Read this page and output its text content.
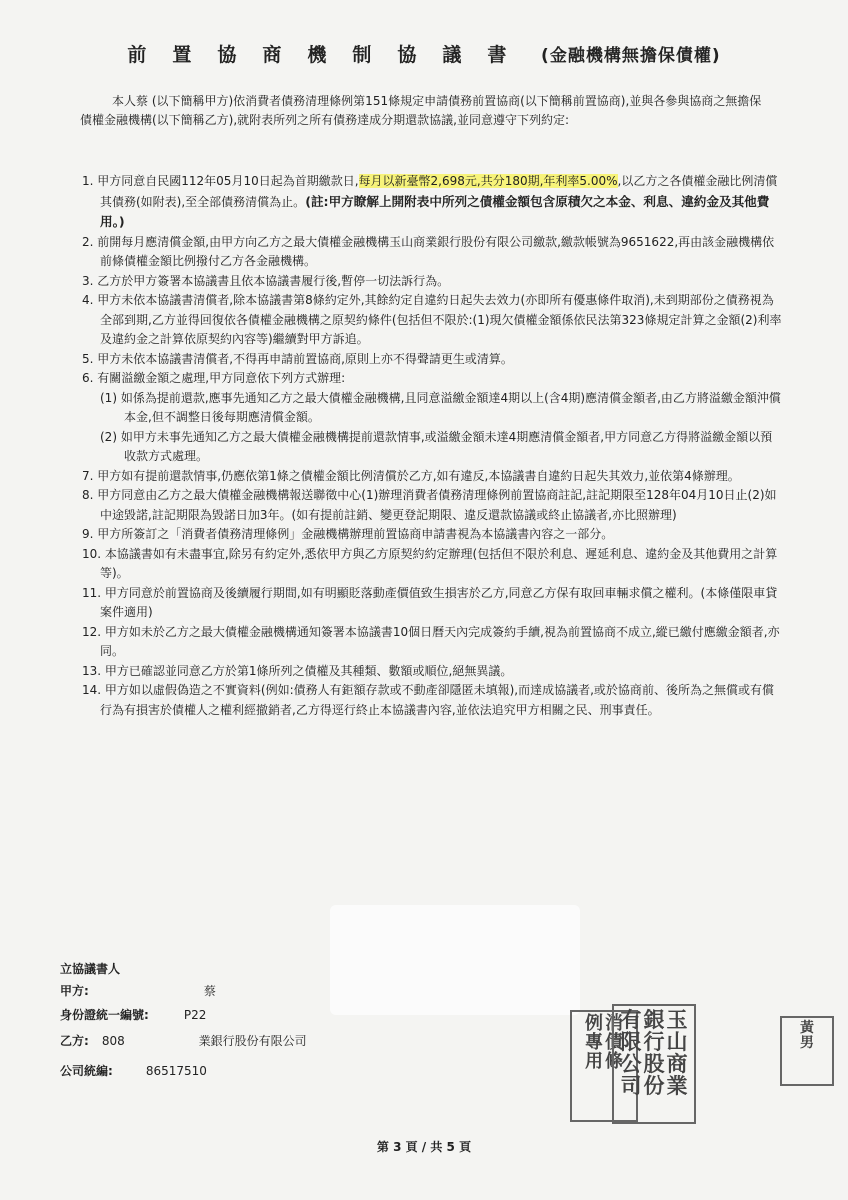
前置協商機制協議書 (金融機構無擔保債權)
本人蔡 (以下簡稱甲方)依消費者債務清理條例第151條規定申請債務前置協商(以下簡稱前置協商),並與各參與協商之無擔保債權金融機構(以下簡稱乙方),就附表所列之所有債務達成分期還款協議,並同意遵守下列約定:

1. 甲方同意自民國112年05月10日起為首期繳款日,每月以新臺幣2,698元,共分180期,年利率5.00%,以乙方之各債權金融比例清償其債務(如附表),至全部債務清償為止。(註:甲方瞭解上開附表中所列之債權金額包含原積欠之本金、利息、違約金及其他費用。)

2. 前開每月應清償金額,由甲方向乙方之最大債權金融機構玉山商業銀行股份有限公司繳款,繳款帳號為9651622,再由該金融機構依前條債權金額比例撥付乙方各金融機構。

3. 乙方於甲方簽署本協議書且依本協議書履行後,暫停一切法訴行為。

4. 甲方未依本協議書清償者,除本協議書第8條約定外,其餘約定自違約日起失去效力(亦即所有優惠條件取消),未到期部份之債務視為全部到期,乙方並得回復依各債權金融機構之原契約條件(包括但不限於:(1)現欠債權金額係依民法第323條規定計算之金額(2)利率及違約金之計算依原契約內容等)繼續對甲方訴追。

5. 甲方未依本協議書清償者,不得再申請前置協商,原則上亦不得聲請更生或清算。

6. 有關溢繳金額之處理,甲方同意依下列方式辦理:

(1) 如係為提前還款,應事先通知乙方之最大債權金融機構,且同意溢繳金額達4期以上(含4期)應清償金額者,由乙方將溢繳金額沖償本金,但不調整日後每期應清償金額。

(2) 如甲方未事先通知乙方之最大債權金融機構提前還款情事,或溢繳金額未達4期應清償金額者,甲方同意乙方得將溢繳金額以預收款方式處理。

7. 甲方如有提前還款情事,仍應依第1條之債權金額比例清償於乙方,如有違反,本協議書自違約日起失其效力,並依第4條辦理。

8. 甲方同意由乙方之最大債權金融機構報送聯徵中心(1)辦理消費者債務清理條例前置協商註記,註記期限至128年04月10日止(2)如中途毀諾,註記期限為毀諾日加3年。(如有提前註銷、變更登記期限、違反還款協議或終止協議者,亦比照辦理)

9. 甲方所簽訂之「消費者債務清理條例」金融機構辦理前置協商申請書視為本協議書內容之一部分。

10. 本協議書如有未盡事宜,除另有約定外,悉依甲方與乙方原契約約定辦理(包括但不限於利息、遲延利息、違約金及其他費用之計算等)。

11. 甲方同意於前置協商及後續履行期間,如有明顯貶落動產價值致生損害於乙方,同意乙方保有取回車輛求償之權利。(本條僅限車貸案件適用)

12. 甲方如未於乙方之最大債權金融機構通知簽署本協議書10個日曆天內完成簽約手續,視為前置協商不成立,縱已繳付應繳金額者,亦同。

13. 甲方已確認並同意乙方於第1條所列之債權及其種類、數額或順位,絕無異議。

14. 甲方如以虛假偽造之不實資料(例如:債務人有鉅額存款或不動產卻隱匿未填報),而達成協議者,或於協商前、後所為之無償或有償行為有損害於債權人之權利經撤銷者,乙方得逕行終止本協議書內容,並依法追究甲方相關之民、刑事責任。

立協議書人
甲方:	蔡
身份證統一編號:	P22
乙方: 808	業銀行股份有限公司
公司統編:	86517510
消
債
條
例
專
用
玉
山
商
業
銀
行
股
份
有
限
公
司
黃
男
第 3 頁 / 共 5 頁
